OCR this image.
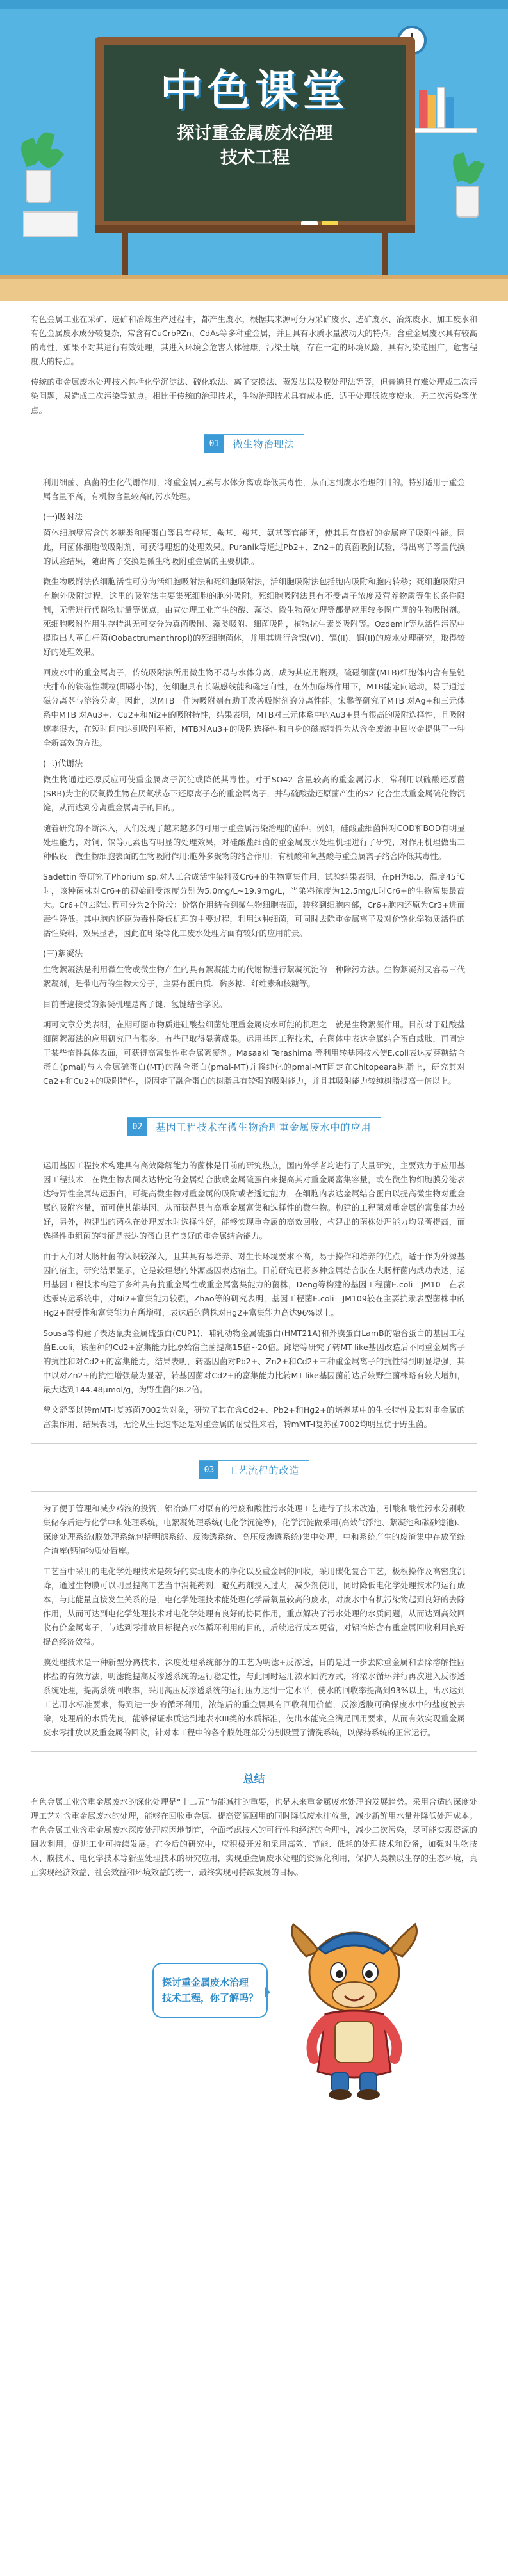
中色课堂
探讨重金属废水治理
技术工程

有色金属工业在采矿、选矿和冶炼生产过程中，都产生废水，根据其来源可分为采矿废水、选矿废水、冶炼废水、加工废水和有色金属废水成分较复杂，常含有CuCrbPZn、CdAs等多种重金属，并且具有水质水量波动大的特点。含重金属废水具有较高的毒性，如果不对其进行有效处理，其进入环境会危害人体健康，污染土壤，存在一定的环境风险，具有污染范围广，危害程度大的特点。

传统的重金属废水处理技术包括化学沉淀法、硫化软法、离子交换法、蒸发法以及膜处理法等等，但普遍具有难处理或二次污染问题，易造成二次污染等缺点。相比于传统的治理技术，生物治理技术具有成本低、适于处理低浓度废水、无二次污染等优点。

01	微生物治理法

利用细菌、真菌的生化代谢作用，将重金属元素与水体分离或降低其毒性，从而达到废水治理的目的。特别适用于重金属含量不高，有机物含量较高的污水处理。

(一)吸附法

菌体细胞壁富含的多糖类和硬蛋白等具有羟基、羰基、羧基、氨基等官能团，使其具有良好的金属离子吸附性能。因此，用菌体细胞做吸附剂，可获得理想的处理效果。Puranik等通过Pb2+、Zn2+的真菌吸附试验，得出离子等量代换的试验结果，随出离子交换是微生物吸附重金属的主要机制。

微生物吸附法依细胞活性可分为活细胞吸附法和死细胞吸附法，活细胞吸附法包括胞内吸附和胞内转移；死细胞吸附只有胞外吸附过程，这里的吸附法主要集死细胞的胞外吸附。死细胞吸附法具有不受离子浓度及营养物质等生长条件限制，无需进行代谢物过量等优点，由宣处理工业产生的酸、藻类、微生物预处理等都是应用较多图广谓的生物吸附剂。死细胞吸附作用生存特洪无可交分为真菌吸附、藻类吸附、细菌吸附，植物抗生素类吸附等。Ozdemir等从活性污泥中提取出人革白杆菌(Oobactrumanthropi)的死细胞菌体，并用其进行含镍(VI)、镉(II)、铜(II)的废水处理研究，取得较好的处理效果。

回废水中的重金属离子，传统吸附法所用微生物不易与水体分离，成为其应用瓶颈。硫磁细菌(MTB)细胞体内含有呈链状排布的铁磁性颗粒(即磁小体)，使细胞具有长磁感线能和磁定向性，在外加磁场作用下，MTB能定向运动，易于通过磁分离器与溶液分离。因此，以MTB　作为吸附剂有助于改善吸附剂的分离性能。宋馨等研究了MTB 对Ag+和三元体系中MTB 对Au3+、Cu2+和Ni2+的吸附特性，结果表明，MTB对三元体系中的Au3+具有很高的吸附选择性，且吸附速率很大，在短时间内达到吸附平衡，MTB对Au3+的吸附选择性和自身的磁感特性为从含金废液中回收金提供了一种全新高效的方法。

(二)代谢法

微生物通过还原反应可使重金属离子沉淀或降低其毒性。对于SO42-含量较高的重金属污水，常利用以硫酸还原菌(SRB)为主的厌氧微生物在厌氧状态下还原离子态的重金属离子，并与硫酸盐还原菌产生的S2-化合生成重金属硫化物沉淀，从而达到分离重金属离子的目的。

随着研究的不断深入，人们发现了越来越多的可用于重金属污染治理的菌种。例如，硅酸盐细菌种对COD和BOD有明显处理能力，对铜、镉等元素也有明显的处理效果，对硅酸盐细菌的重金属废水处理机理进行了研究，对作用机理做出三种假设：微生物细胞表面的生物吸附作用;胞外多聚物的络合作用；有机酸和氧基酸与重金属离子络合降低其毒性。

Sadettin 等研究了Phorium sp.对人工合成活性染料及Cr6+的生物富集作用，试验结果表明，在pH为8.5，温度45℃时，该种菌株对Cr6+的初始耐受浓度分别为5.0mg/L~19.9mg/L，当染料浓度为12.5mg/L时Cr6+的生物富集最高大。Cr6+的去除过程可分为2个阶段：价铬作用结合到微生物细胞表面，转移到细胞内部，Cr6+胞内还原为Cr3+进而毒性降低。其中胞内还原为毒性降低机理的主要过程，利用这种细菌，可同时去除重金属离子及对价铬化学物质活性的活性染料，效果显著，因此在印染等化工废水处理方面有较好的应用前景。

(三)絮凝法

生物絮凝法是利用微生物或微生物产生的具有絮凝能力的代谢物进行絮凝沉淀的一种除污方法。生物絮凝剂又容易三代絮凝剂，是带电荷的生物大分子，主要有蛋白质、黏多糖、纤维素和核糖等。

目前普遍接受的絮凝机理是离子键、氢键结合学说。

朝可文章分类表明，在期可图市物质进硅酸盐细菌处理重金属废水可能的机理之一就是生物絮凝作用。目前对于硅酸盐细菌絮凝法的应用研究已有很多，有些已取得显著成果。运用基因工程技术，在菌体中表达金属结合蛋白或肽，再固定于某些惰性载体表面，可获得高富集性重金属絮凝剂。Masaaki Terashima 等利用转基因技术使E.coli表达麦芽糖结合蛋白(pmal)与人金属硫蛋白(MT)的融合蛋白(pmal-MT)并将纯化的pmal-MT固定在Chitopeara树脂上，研究其对Ca2+和Cu2+的吸附特性，说固定了融合蛋白的树脂具有较强的吸附能力，并且其吸附能力较纯树脂提高十倍以上。

02	基因工程技术在微生物治理重金属废水中的应用

运用基因工程技术构建具有高效降解能力的菌株是目前的研究热点，国内外学者均进行了大量研究，主要致力于应用基因工程技术，在微生物表面表达特定的金属结合肽或金属硫蛋白来提高其对重金属富集容量，或在微生物细胞膜分泌表达特异性金属转运蛋白，可提高微生物对重金属的吸附或者透过能力，在细胞内表达金属结合蛋白以提高微生物对重金属的吸附容量，而可使其能基因，从而获得具有高重金属富集和选择性的微生物。构建的工程菌对重金属的富集能力较好，另外，构建出的菌株在处理废水时选择性好，能够实现重金属的高效回收，构建出的菌株处理能力均显著提高，而选择性重组菌的特征是表达的蛋白具有良好的重金属结合能力。

由于人们对大肠杆菌的认识较深入，且其具有易培养、对生长环境要求不高，易于操作和培养的优点，适于作为外源基因的宿主，研究结果显示，它是较理想的外源基因表达宿主。目前研究已将多种金属结合肽在大肠杆菌内成功表达，运用基因工程技术构建了多种具有抗重金属性或重金属富集能力的菌株，Deng等构建的基因工程菌E.coli　JM10　在表达汞转运系统中，对Ni2+富集能力较强，Zhao等的研究表明，基因工程菌E.coli　JM109较在主要抗汞表型菌株中的Hg2+耐受性和富集能力有所增强，表达后的菌株对Hg2+富集能力高达96%以上。

Sousa等构建了表达鼠类金属硫蛋白(CUP1)、哺乳动物金属硫蛋白(HMT21A)和外膜蛋白LamB的融合蛋白的基因工程菌E.coli，该菌种的Cd2+富集能力比原始宿主菌提高15倍~20倍。邱培等研究了转MT-like基因改造后不同重金属离子的抗性和对Cd2+的富集能力，结果表明，转基因菌对Pb2+、Zn2+和Cd2+三种重金属离子的抗性得到明显增强，其中以对Zn2+的抗性增强最为显著，转基因菌对Cd2+的富集能力比转MT-like基因菌前达后较野生菌株略有较大增加，最大达到144.48μmol/g，为野生菌的8.2倍。

曾文舒等以转mMT-Ⅰ复苏菌7002为对象，研究了其在含Cd2+、Pb2+和Hg2+的培养基中的生长特性及其对重金属的富集作用，结果表明，无论从生长速率还是对重金属的耐受性来看，转mMT-Ⅰ复苏菌7002均明显优于野生菌。

03	工艺流程的改造

为了便于管理和减少药液的投资，铝冶炼厂对原有的污废和酸性污水处理工艺进行了技术改造，引酸和酸性污水分别收集储存后进行化学中和处理系统，电絮凝处理系统(电化学沉淀等)，化学沉淀做采用(高效气浮池、絮凝池和碳砂滤池)、深度处理系统(膜处理系统包括明滤系统、反渗透系统、高压反渗透系统)集中处理，中和系统产生的废渣集中存放至综合渣库(钙渣物质处置库。

工艺当中采用的电化学处理技术是较好的实现废水的净化以及重金属的回收，采用碳化复合工艺，极板操作及高密度沉降，通过生物膜可以明显提高工艺当中消耗药剂，避免药剂投入过大，减少剂使用，同时降低电化学处理技术的运行成本，与此能量直接发生关系的是，电化学处理技术能处理化学需氧量较高的废水，对废水中有机污染物起到良好的去除作用，从而可达到电化学处理技术对电化学处理有良好的协同作用，重点解决了污水处理的水质问题，从而达到高效回收有价金属离子，与达到零排放目标提高水体循环利用的目的，后续运行成本更省，对铝冶炼含有重金属回收利用良好提高经济效益。

膜处理技术是一种新型分离技术，深度处理系统部分的工艺为明滤+反渗透，目的是进一步去除重金属和去除溶解性固体盐的有效方法，明滤能提高反渗透系统的运行稳定性，与此同时运用浓水回流方式，将浓水循环并行再次进入反渗透系统处理，提高系统回收率，采用高压反渗透系统的运行压力达到一定水平，使水的回收率提高到93%以上，出水达到工艺用水标准要求，得到进一步的循环利用，浓缩后的重金属具有回收利用价值，反渗透膜可确保废水中的盐度被去除，处理后的水质优良，能够保证水质达到地表水III类的水质标准，使出水能完全满足回用要求，从而有效实现重金属废水零排放以及重金属的回收，针对本工程中的各个膜处理部分分别设置了清洗系统，以保持系统的正常运行。

总结

有色金属工业含重金属废水的深化处理是“十二五”节能减排的重要，也是未来重金属废水处理的发展趋势。采用合适的深度处理工艺对含重金属废水的处理，能够在回收重金属、提高资源回用的同时降低废水排放量，减少新鲜用水量并降低处理成本。有色金属工业含重金属废水深度处理应因地制宜，全面考虑技术的可行性和经济的合理性，减少二次污染，尽可能实现资源的回收利用，促进工业可持续发展。在今后的研究中，应积极开发和采用高效、节能、低耗的处理技术和设备，加强对生物技术、膜技术、电化学技术等新型处理技术的研究应用，实现重金属废水处理的资源化利用，保护人类赖以生存的生态环境，真正实现经济效益、社会效益和环境效益的统一，最终实现可持续发展的目标。

探讨重金属废水治理
技术工程，你了解吗？
